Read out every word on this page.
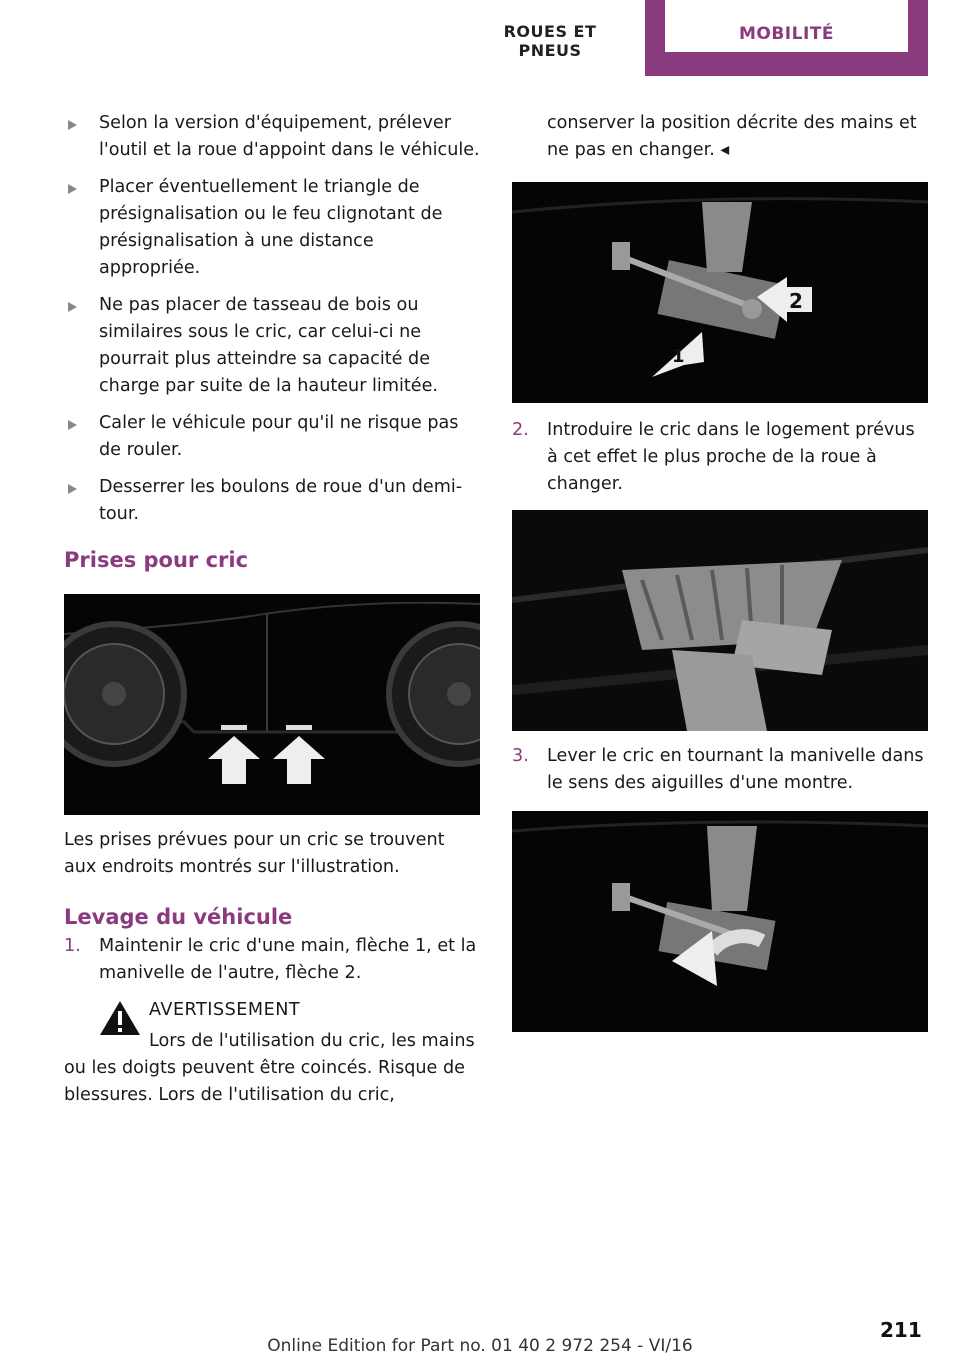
ROUES ET PNEUS
MOBILITÉ
Selon la version d'équipement, prélever l'outil et la roue d'appoint dans le véhicule.
Placer éventuellement le triangle de présignalisation ou le feu clignotant de présignalisation à une distance appropriée.
Ne pas placer de tasseau de bois ou similaires sous le cric, car celui-ci ne pourrait plus atteindre sa capacité de charge par suite de la hauteur limitée.
Caler le véhicule pour qu'il ne risque pas de rouler.
Desserrer les boulons de roue d'un demi-tour.
Prises pour cric

Les prises prévues pour un cric se trouvent aux endroits montrés sur l'illustration.

Levage du véhicule
1. Maintenir le cric d'une main, flèche 1, et la manivelle de l'autre, flèche 2.

AVERTISSEMENT

Lors de l'utilisation du cric, les mains ou les doigts peuvent être coincés. Risque de blessures. Lors de l'utilisation du cric,

conserver la position décrite des mains et ne pas en changer. ◂

1
2
2. Introduire le cric dans le logement prévus à cet effet le plus proche de la roue à changer.
3. Lever le cric en tournant la manivelle dans le sens des aiguilles d'une montre.
Online Edition for Part no. 01 40 2 972 254 - VI/16
211
